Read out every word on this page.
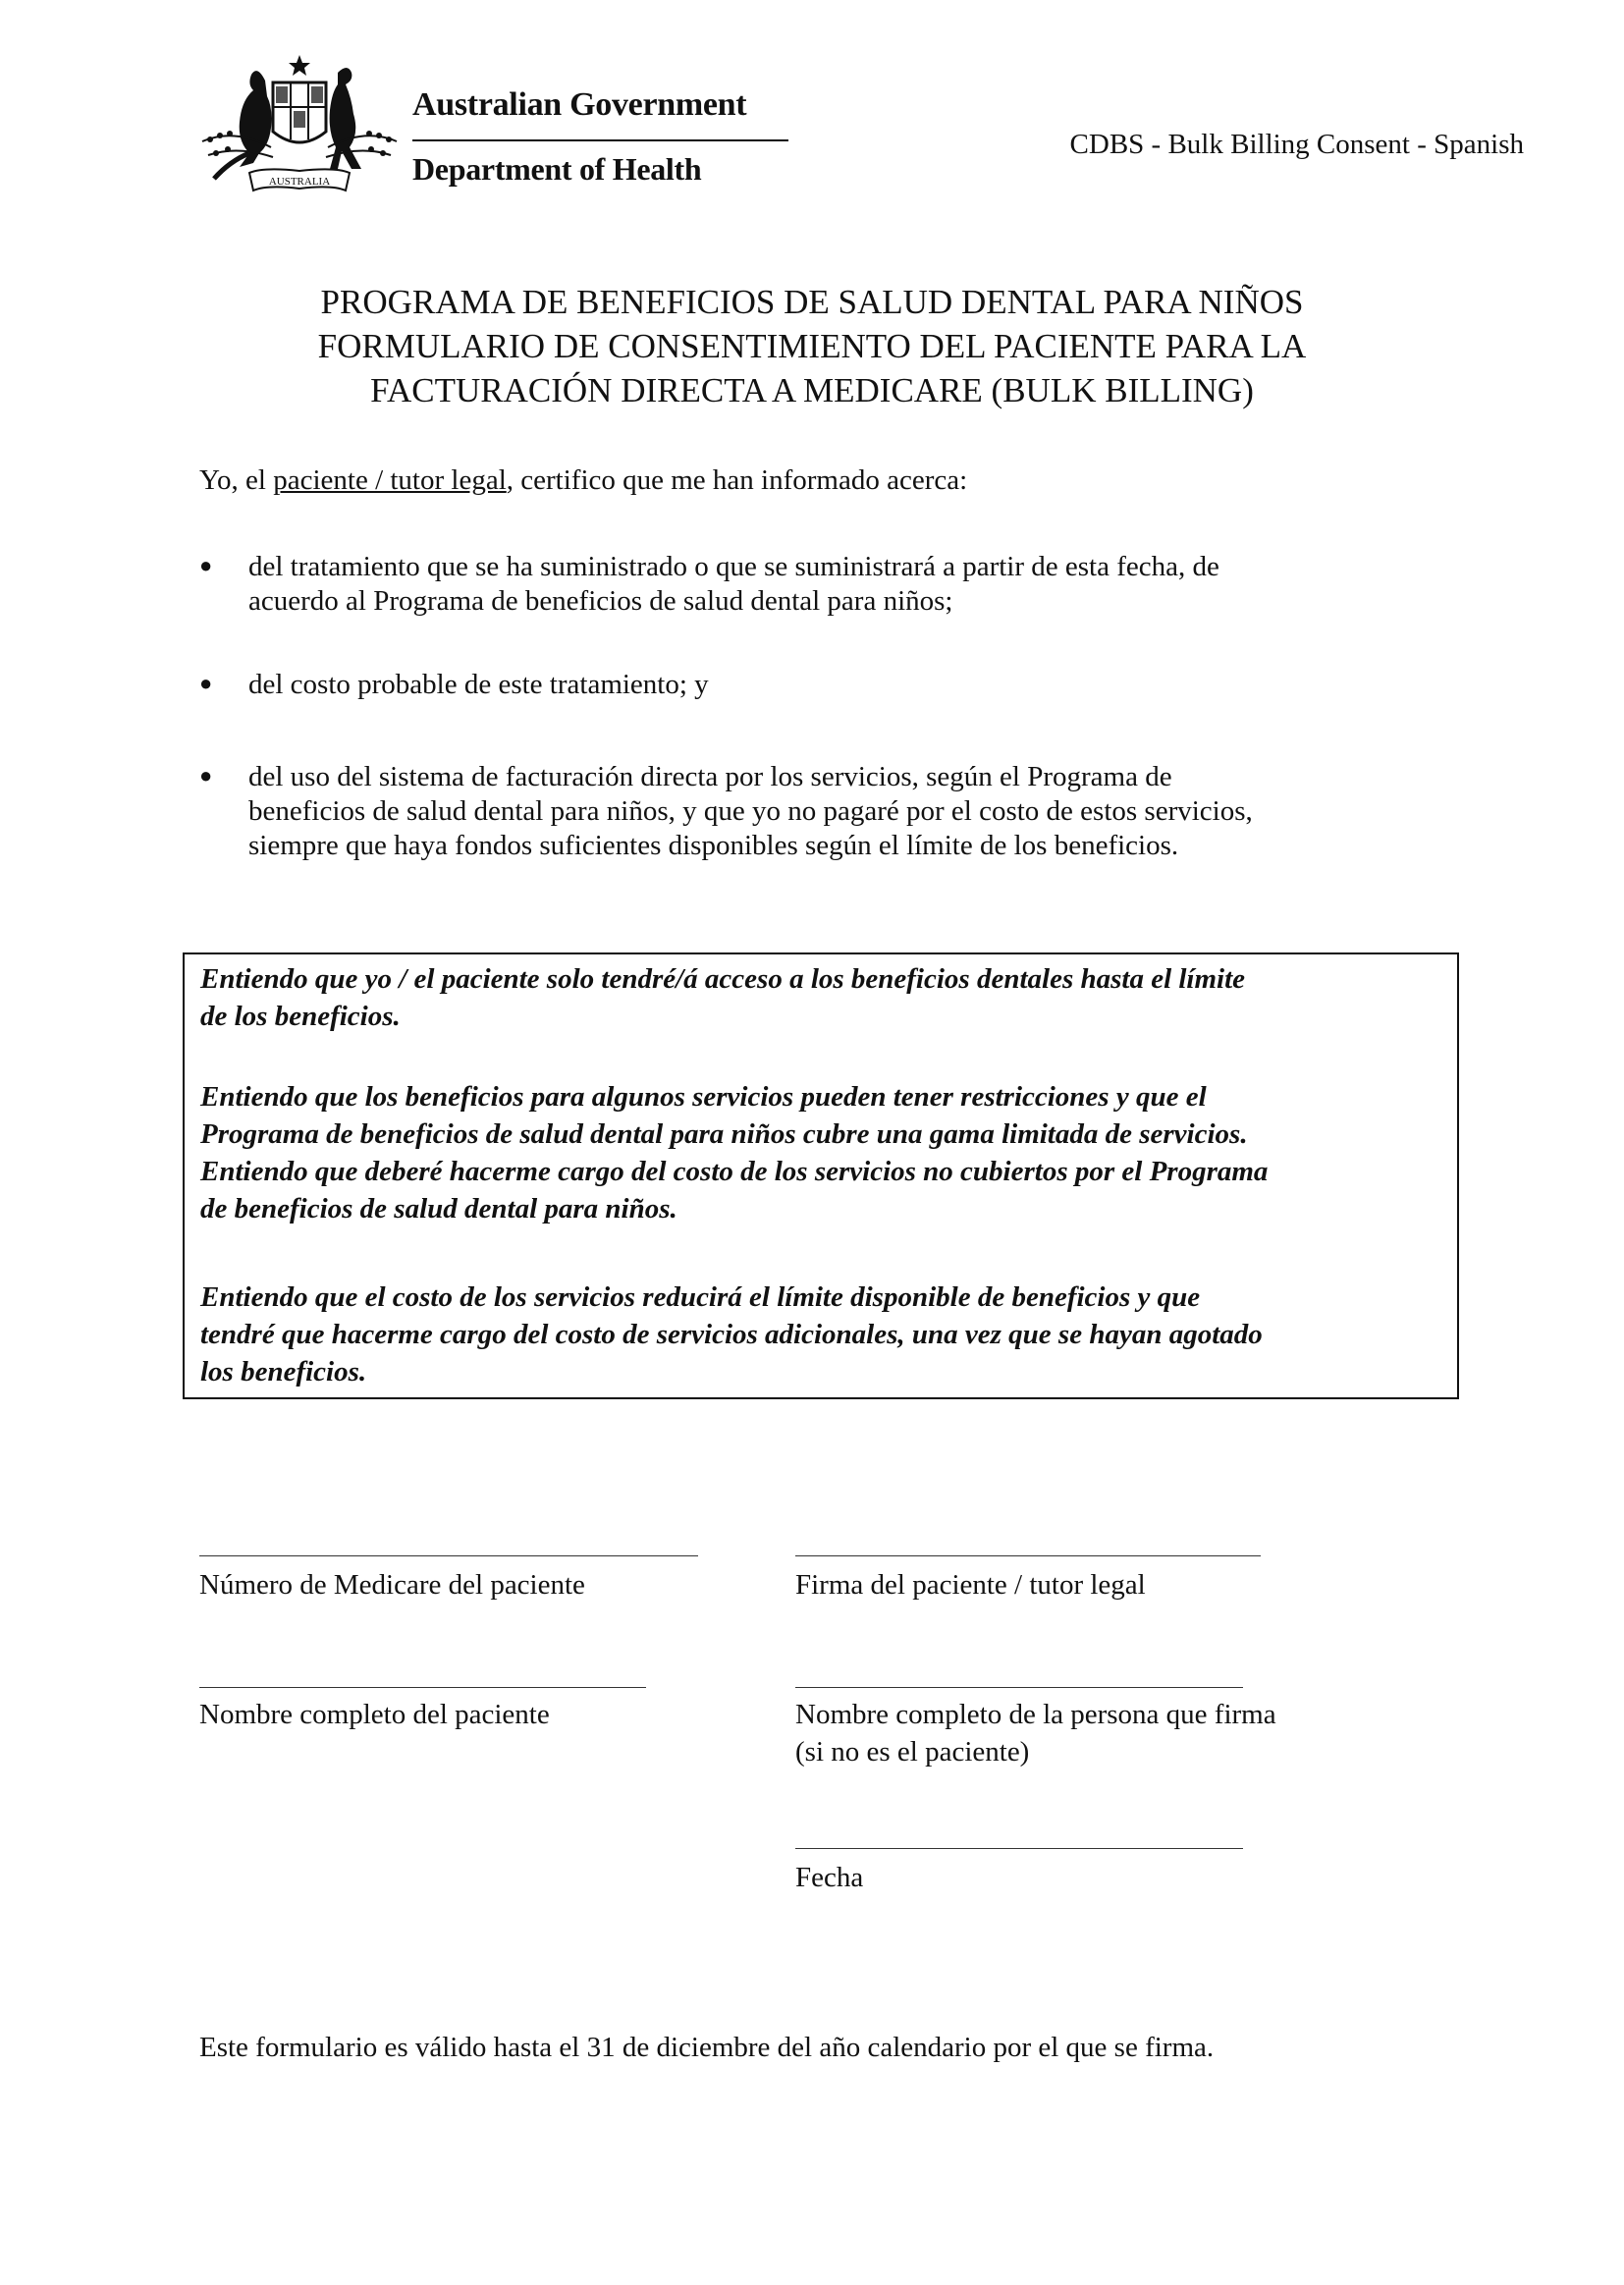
AUSTRALIA
Australian Government
Department of Health
CDBS - Bulk Billing Consent - Spanish
PROGRAMA DE BENEFICIOS DE SALUD DENTAL PARA NIÑOS
FORMULARIO DE CONSENTIMIENTO DEL PACIENTE PARA LA
FACTURACIÓN DIRECTA A MEDICARE (BULK BILLING)
Yo, el paciente / tutor legal, certifico que me han informado acerca:
● del tratamiento que se ha suministrado o que se suministrará a partir de esta fecha, de
acuerdo al Programa de beneficios de salud dental para niños;
● del costo probable de este tratamiento; y
● del uso del sistema de facturación directa por los servicios, según el Programa de
beneficios de salud dental para niños, y que yo no pagaré por el costo de estos servicios,
siempre que haya fondos suficientes disponibles según el límite de los beneficios.
Entiendo que yo / el paciente solo tendré/á acceso a los beneficios dentales hasta el límite
de los beneficios.
Entiendo que los beneficios para algunos servicios pueden tener restricciones y que el
Programa de beneficios de salud dental para niños cubre una gama limitada de servicios.
Entiendo que deberé hacerme cargo del costo de los servicios no cubiertos por el Programa
de beneficios de salud dental para niños.
Entiendo que el costo de los servicios reducirá el límite disponible de beneficios y que
tendré que hacerme cargo del costo de servicios adicionales, una vez que se hayan agotado
los beneficios.
Número de Medicare del paciente	Firma del paciente / tutor legal
Nombre completo del paciente	Nombre completo de la persona que firma
(si no es el paciente)
Fecha
Este formulario es válido hasta el 31 de diciembre del año calendario por el que se firma.
